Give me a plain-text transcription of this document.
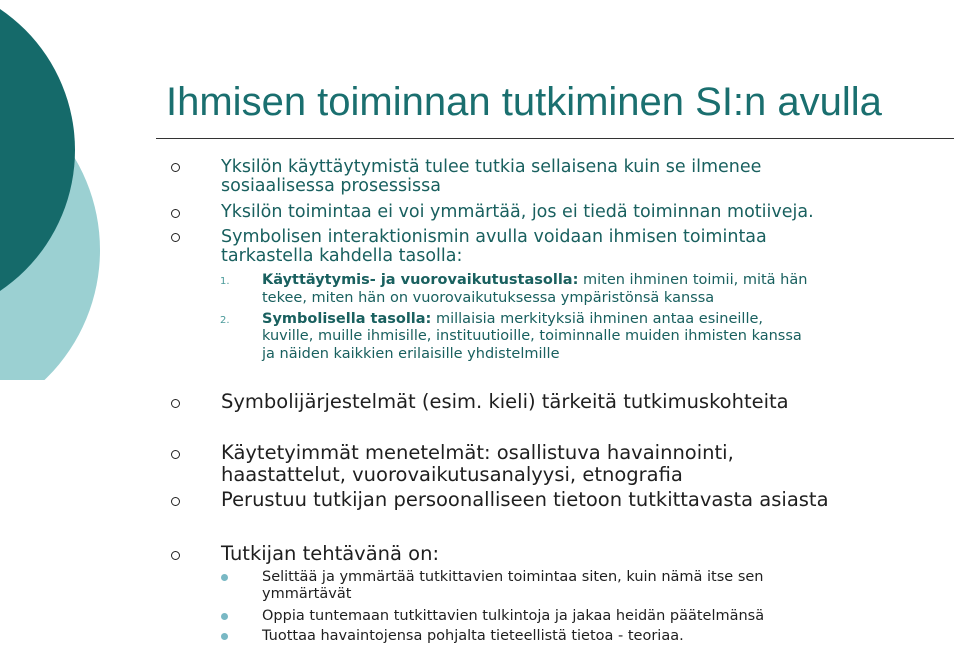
Ihmisen toiminnan tutkiminen SI:n avulla
Yksilön käyttäytymistä tulee tutkia sellaisena kuin se ilmenee
sosiaalisessa prosessissa
Yksilön toimintaa ei voi ymmärtää, jos ei tiedä toiminnan motiiveja.
Symbolisen interaktionismin avulla voidaan ihmisen toimintaa
tarkastella kahdella tasolla:
1. Käyttäytymis- ja vuorovaikutustasolla: miten ihminen toimii, mitä hän
tekee, miten hän on vuorovaikutuksessa ympäristönsä kanssa
2. Symbolisella tasolla: millaisia merkityksiä ihminen antaa esineille,
kuville, muille ihmisille, instituutioille, toiminnalle muiden ihmisten kanssa
ja näiden kaikkien erilaisille yhdistelmille
Symbolijärjestelmät (esim. kieli) tärkeitä tutkimuskohteita
Käytetyimmät menetelmät: osallistuva havainnointi,
haastattelut, vuorovaikutusanalyysi, etnografia
Perustuu tutkijan persoonalliseen tietoon tutkittavasta asiasta
Tutkijan tehtävänä on:
Selittää ja ymmärtää tutkittavien toimintaa siten, kuin nämä itse sen
ymmärtävät
Oppia tuntemaan tutkittavien tulkintoja ja jakaa heidän päätelmänsä
Tuottaa havaintojensa pohjalta tieteellistä tietoa - teoriaa.
